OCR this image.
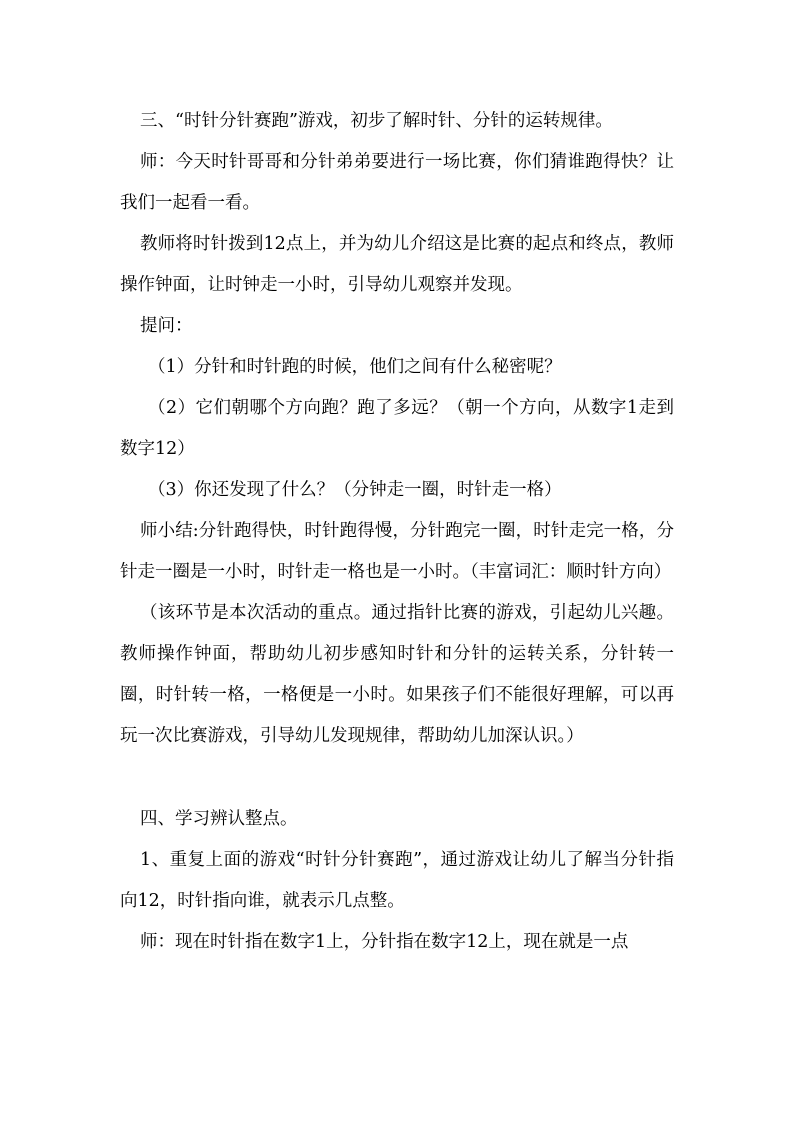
三、“时针分针赛跑”游戏，初步了解时针、分针的运转规律。

师：今天时针哥哥和分针弟弟要进行一场比赛，你们猜谁跑得快？让我们一起看一看。

教师将时针拨到12点上，并为幼儿介绍这是比赛的起点和终点，教师操作钟面，让时钟走一小时，引导幼儿观察并发现。

提问：

（1）分针和时针跑的时候，他们之间有什么秘密呢？

（2）它们朝哪个方向跑？跑了多远？（朝一个方向，从数字1走到数字12）

（3）你还发现了什么？（分钟走一圈，时针走一格）

师小结:分针跑得快，时针跑得慢，分针跑完一圈，时针走完一格，分针走一圈是一小时，时针走一格也是一小时。（丰富词汇：顺时针方向）

（该环节是本次活动的重点。通过指针比赛的游戏，引起幼儿兴趣。教师操作钟面，帮助幼儿初步感知时针和分针的运转关系，分针转一圈，时针转一格，一格便是一小时。如果孩子们不能很好理解，可以再玩一次比赛游戏，引导幼儿发现规律，帮助幼儿加深认识。）

四、学习辨认整点。

1、重复上面的游戏“时针分针赛跑”，通过游戏让幼儿了解当分针指向12，时针指向谁，就表示几点整。

师：现在时针指在数字1上，分针指在数字12上，现在就是一点
